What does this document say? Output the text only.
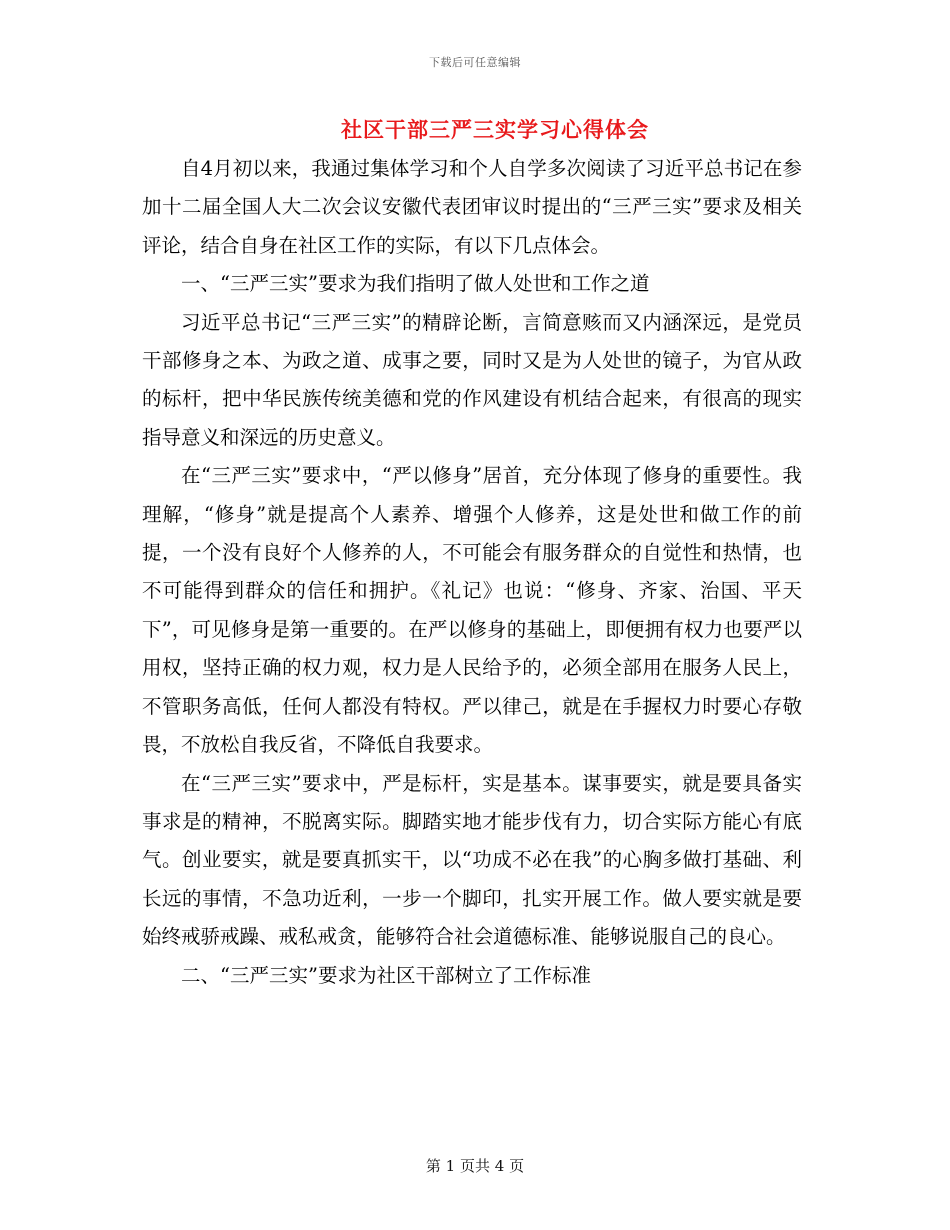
下载后可任意编辑
社区干部三严三实学习心得体会

自4月初以来，我通过集体学习和个人自学多次阅读了习近平总书记在参加十二届全国人大二次会议安徽代表团审议时提出的“三严三实”要求及相关评论，结合自身在社区工作的实际，有以下几点体会。

一、“三严三实”要求为我们指明了做人处世和工作之道

习近平总书记“三严三实”的精辟论断，言简意赅而又内涵深远，是党员干部修身之本、为政之道、成事之要，同时又是为人处世的镜子，为官从政的标杆，把中华民族传统美德和党的作风建设有机结合起来，有很高的现实指导意义和深远的历史意义。

在“三严三实”要求中，“严以修身”居首，充分体现了修身的重要性。我理解，“修身”就是提高个人素养、增强个人修养，这是处世和做工作的前提，一个没有良好个人修养的人，不可能会有服务群众的自觉性和热情，也不可能得到群众的信任和拥护。《礼记》也说：“修身、齐家、治国、平天下”，可见修身是第一重要的。在严以修身的基础上，即便拥有权力也要严以用权，坚持正确的权力观，权力是人民给予的，必须全部用在服务人民上，不管职务高低，任何人都没有特权。严以律己，就是在手握权力时要心存敬畏，不放松自我反省，不降低自我要求。

在“三严三实”要求中，严是标杆，实是基本。谋事要实，就是要具备实事求是的精神，不脱离实际。脚踏实地才能步伐有力，切合实际方能心有底气。创业要实，就是要真抓实干，以“功成不必在我”的心胸多做打基础、利长远的事情，不急功近利，一步一个脚印，扎实开展工作。做人要实就是要始终戒骄戒躁、戒私戒贪，能够符合社会道德标准、能够说服自己的良心。

二、“三严三实”要求为社区干部树立了工作标准

第 1 页共 4 页
